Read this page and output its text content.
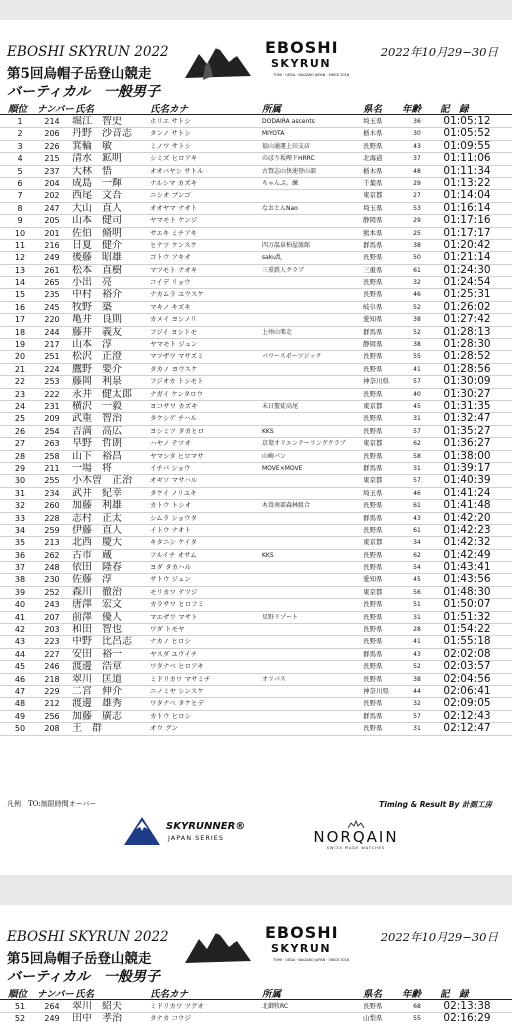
EBOSHI SKYRUN 2022
第5回烏帽子岳登山競走
バーティカル　一般男子
2022年10月29−30日
EBOSHI
SKYRUN
TOMI · UEDA · NAGANO JAPAN · SINCE 2018
順位 ナンバー 氏名	氏名カナ	所属	県名 年齢 記　録
1	214	堀江　智史	ホリエ サトシ	DODAIRA ascents	埼玉県	36	01:05:12
2	206	丹野　沙音志	タンノ サトシ	MIYOTA	栃木県	30	01:05:52
3	226	箕輪　敏	ミノワ サトシ	福山通運上田支店	長野県	43	01:09:55
4	215	清水　鉱明	シミズ ヒロアキ	のぼり坂喫ドHRRC	北海道	37	01:11:06
5	237	大林　悟	オオバヤシ サトル	古賀志山快速登山部	栃木県	48	01:11:34
6	204	成島　一輝	ナルシマ カズキ	ちゃんぷ。練	千葉県	29	01:13:22
7	202	西尾　文吾	ニシオ ブンゴ	東京都	27	01:14:04
8	247	大山　直人	オオヤマ ナオト	なおとんNao	埼玉県	53	01:16:14
9	205	山本　健司	ヤマモト ケンジ	静岡県	29	01:17:16
10	201	佐伯　脩明	サエキ ミチアキ	熊本県	25	01:17:17
11	216	日夏　健介	ヒナツ ケンスケ	四万温泉柏屋旅館	群馬県	38	01:20:42
12	249	後藤　昭雄	ゴトウ アキオ	saku乱	長野県	50	01:21:14
13	261	松本　直樹	マツモト ナオキ	三重鉄人クラブ	三重県	61	01:24:30
14	265	小出　亮	コイデ リョウ	長野県	32	01:24:54
15	235	中村　裕介	ナカムラ ユウスケ	長野県	46	01:25:31
16	245	牧野　築	マキノ キズキ	岐阜県	52	01:26:02
17	220	亀井　良則	カメイ ヨシノリ	愛知県	38	01:27:42
18	244	藤井　義友	フジイ ヨシトモ	上州山楽走	群馬県	52	01:28:13
19	217	山本　淳	ヤマモト ジュン	静岡県	38	01:28:30
20	251	松沢　正澄	マツザワ マサズミ	パワースポーツジック	長野県	55	01:28:52
21	224	鷹野　要介	タカノ ヨウスケ	長野県	41	01:28:56
22	253	藤岡　利泉	フジオカ トシモト	神奈川県	57	01:30:09
23	222	永井　健太郎	ナガイ ケンタロウ	長野県	40	01:30:27
24	231	横沢　一毅	ヨコサワ カズキ	末日聖徒高尾	東京都	45	01:31:35
25	209	武重　智治	タケシゲ チハル	長野県	31	01:32:47
26	254	吉満　高広	ヨシミツ タカヒロ	KKS	長野県	57	01:35:27
27	263	早野　哲朗	ハヤノ テツオ	京葉オリエンテーリングクラブ	東京都	62	01:36:27
28	258	山下　裕昌	ヤマシタ ヒロマサ	山崎パン	長野県	58	01:38:00
29	211	一場　将	イチバ ショウ	MOVE×MOVE	群馬県	31	01:39:17
30	255	小木曽　正治	オギソ マサハル	東京都	57	01:40:39
31	234	武井　紀幸	タケイ ノリユキ	埼玉県	46	01:41:24
32	260	加藤　利雄	カトウ トシオ	木曽南部森林組合	長野県	61	01:41:48
33	228	志村　正太	シムラ ショウタ	群馬県	43	01:42:20
34	259	伊藤　直人	イトウ ナオト	長野県	61	01:42:23
35	213	北西　慶大	キタニシ ケイタ	東京都	34	01:42:32
36	262	古市　蔵	フルイチ オサム	KKS	長野県	62	01:42:49
37	248	依田　隆春	ヨダ タカハル	長野県	54	01:43:41
38	230	佐藤　淳	サトウ ジュン	愛知県	45	01:43:56
39	252	森川　徹治	モリカワ テツジ	東京都	56	01:48:30
40	243	唐澤　宏文	カラサワ ヒロフミ	長野県	51	01:50:07
41	207	前澤　優人	マエザワ マサト	星野リゾート	長野県	31	01:51:32
42	203	和田　智也	ワダ トモヤ	長野県	28	01:54:22
43	223	中野　比呂志	ナカノ ヒロシ	長野県	41	01:55:18
44	227	安田　裕一	ヤスダ ユウイチ	群馬県	43	02:02:08
45	246	渡邊　浩章	ワタナベ ヒロアキ	長野県	52	02:03:57
46	218	翠川　匡道	ミドリカワ マサミチ	オリパス	長野県	38	02:04:56
47	229	二宮　伸介	ニノミヤ シンスケ	神奈川県	44	02:06:41
48	212	渡邊　雄秀	ワタナベ タケヒデ	長野県	32	02:09:05
49	256	加藤　廣志	カトウ ヒロシ	群馬県	57	02:12:43
50	208	王　群	オウ グン	長野県	31	02:12:47
凡例　TO:制限時間オーバー	Timing & Result By 計測工房
SKYRUNNER®
JAPAN SERIES	NORQAIN
SWISS MADE WATCHES
EBOSHI SKYRUN 2022
第5回烏帽子岳登山競走
バーティカル　一般男子
2022年10月29−30日
EBOSHI
SKYRUN
TOMI · UEDA · NAGANO JAPAN · SINCE 2018
順位 ナンバー 氏名	氏名カナ	所属	県名 年齢 記　録
51	264	翠川　紹夫	ミドリカワ ツグオ	北御牧RC	長野県	68	02:13:38
52	249	田中　孝治	タナカ コウジ	山梨県	55	02:16:29
